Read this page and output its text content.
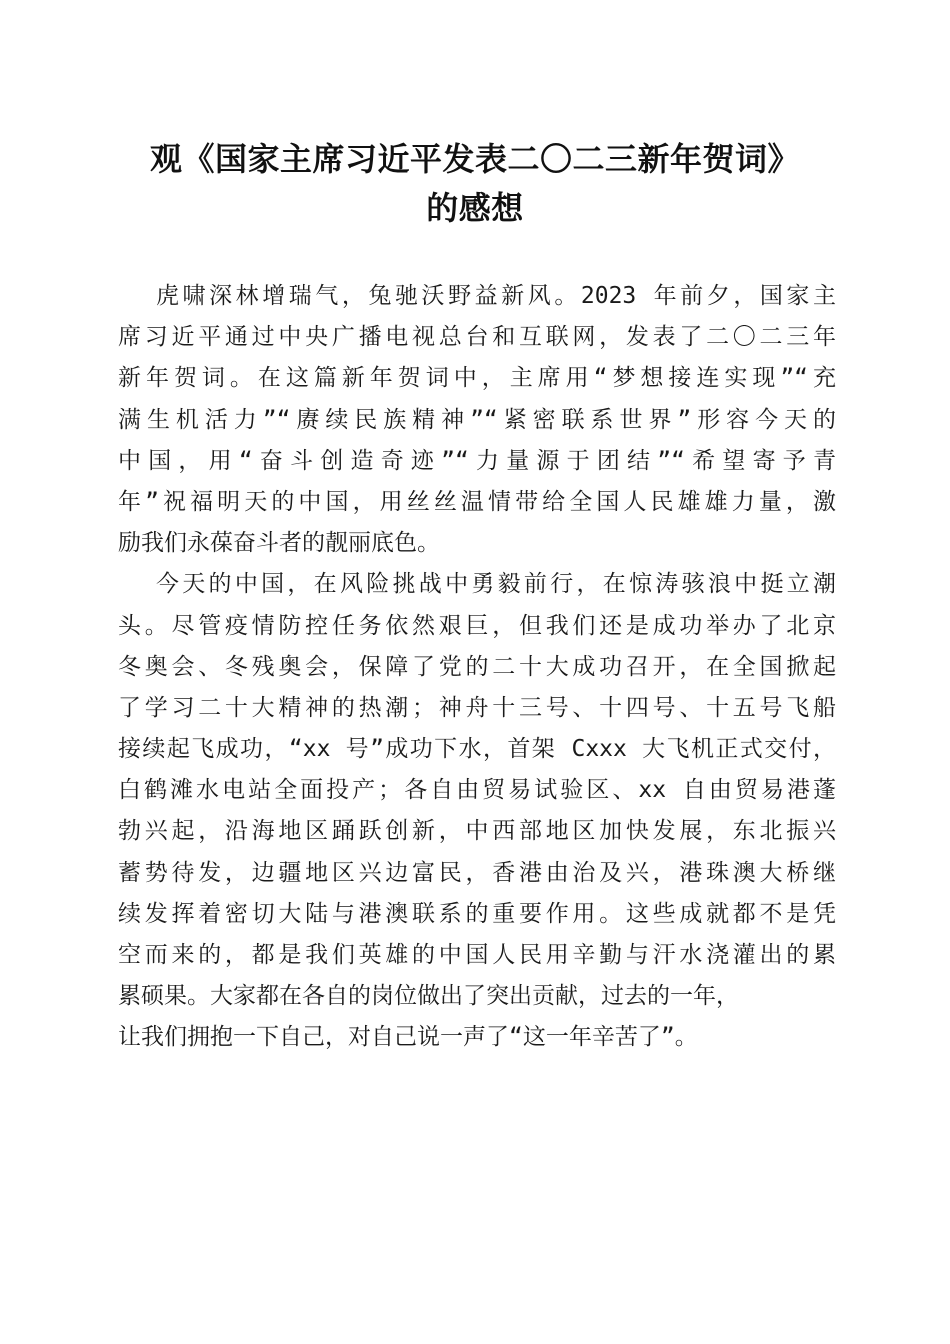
观《国家主席习近平发表二〇二三新年贺词》
的感想
虎啸深林增瑞气，兔驰沃野益新风。2023 年前夕，国家主
席习近平通过中央广播电视总台和互联网，发表了二〇二三年
新年贺词。在这篇新年贺词中，主席用“梦想接连实现”“充
满生机活力”“赓续民族精神”“紧密联系世界”形容今天的
中国，用“奋斗创造奇迹”“力量源于团结”“希望寄予青
年”祝福明天的中国，用丝丝温情带给全国人民雄雄力量，激
励我们永葆奋斗者的靓丽底色。
今天的中国，在风险挑战中勇毅前行，在惊涛骇浪中挺立潮
头。尽管疫情防控任务依然艰巨，但我们还是成功举办了北京
冬奥会、冬残奥会，保障了党的二十大成功召开，在全国掀起
了学习二十大精神的热潮；神舟十三号、十四号、十五号飞船
接续起飞成功，“xx 号”成功下水，首架 Cxxx 大飞机正式交付，
白鹤滩水电站全面投产；各自由贸易试验区、xx 自由贸易港蓬
勃兴起，沿海地区踊跃创新，中西部地区加快发展，东北振兴
蓄势待发，边疆地区兴边富民，香港由治及兴，港珠澳大桥继
续发挥着密切大陆与港澳联系的重要作用。这些成就都不是凭
空而来的，都是我们英雄的中国人民用辛勤与汗水浇灌出的累
累硕果。大家都在各自的岗位做出了突出贡献，过去的一年，
让我们拥抱一下自己，对自己说一声了“这一年辛苦了”。
